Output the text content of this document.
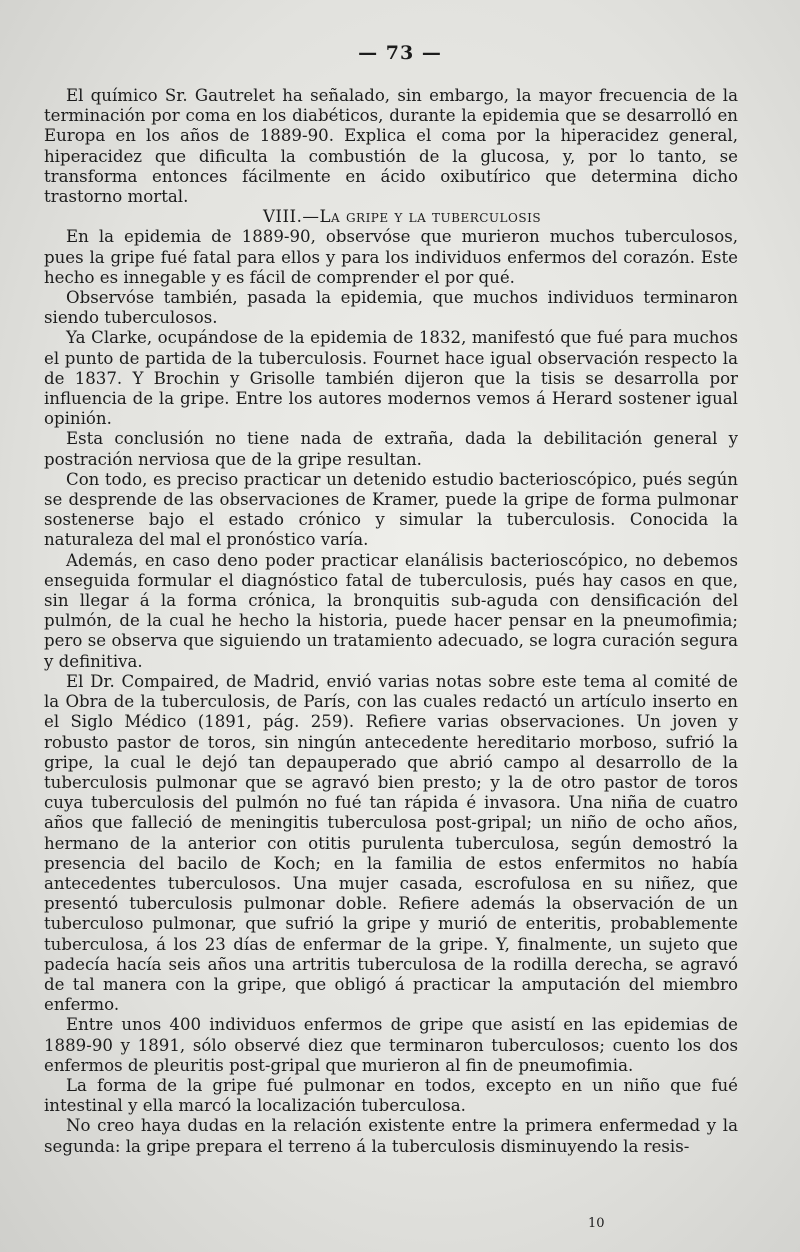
— 73 —

El químico Sr. Gautrelet ha señalado, sin embargo, la mayor frecuencia de la terminación por coma en los diabéticos, durante la epidemia que se desarrolló en Europa en los años de 1889-90. Explica el coma por la hiperacidez general, hiperacidez que dificulta la combustión de la glucosa, y, por lo tanto, se transforma entonces fácilmente en ácido oxibutírico que determina dicho trastorno mortal.

VIII.—La gripe y la tuberculosis

En la epidemia de 1889-90, observóse que murieron muchos tuberculosos, pues la gripe fué fatal para ellos y para los individuos enfermos del corazón. Este hecho es innegable y es fácil de comprender el por qué.

Observóse también, pasada la epidemia, que muchos individuos terminaron siendo tuberculosos.

Ya Clarke, ocupándose de la epidemia de 1832, manifestó que fué para muchos el punto de partida de la tuberculosis. Fournet hace igual observación respecto la de 1837. Y Brochin y Grisolle también dijeron que la tisis se desarrolla por influencia de la gripe. Entre los autores modernos vemos á Herard sostener igual opinión.

Esta conclusión no tiene nada de extraña, dada la debilitación general y postración nerviosa que de la gripe resultan.

Con todo, es preciso practicar un detenido estudio bacterioscópico, pués según se desprende de las observaciones de Kramer, puede la gripe de forma pulmonar sostenerse bajo el estado crónico y simular la tuberculosis. Conocida la naturaleza del mal el pronóstico varía.

Además, en caso deno poder practicar elanálisis bacterioscópico, no debemos enseguida formular el diagnóstico fatal de tuberculosis, pués hay casos en que, sin llegar á la forma crónica, la bronquitis sub-aguda con densificación del pulmón, de la cual he hecho la historia, puede hacer pensar en la pneumofimia; pero se observa que siguiendo un tratamiento adecuado, se logra curación segura y definitiva.

El Dr. Compaired, de Madrid, envió varias notas sobre este tema al comité de la Obra de la tuberculosis, de París, con las cuales redactó un artículo inserto en el Siglo Médico (1891, pág. 259). Refiere varias observaciones. Un joven y robusto pastor de toros, sin ningún antecedente hereditario morboso, sufrió la gripe, la cual le dejó tan depauperado que abrió campo al desarrollo de la tuberculosis pulmonar que se agravó bien presto; y la de otro pastor de toros cuya tuberculosis del pulmón no fué tan rápida é invasora. Una niña de cuatro años que falleció de meningitis tuberculosa post-gripal; un niño de ocho años, hermano de la anterior con otitis purulenta tuberculosa, según demostró la presencia del bacilo de Koch; en la familia de estos enfermitos no había antecedentes tuberculosos. Una mujer casada, escrofulosa en su niñez, que presentó tuberculosis pulmonar doble. Refiere además la observación de un tuberculoso pulmonar, que sufrió la gripe y murió de enteritis, probablemente tuberculosa, á los 23 días de enfermar de la gripe. Y, finalmente, un sujeto que padecía hacía seis años una artritis tuberculosa de la rodilla derecha, se agravó de tal manera con la gripe, que obligó á practicar la amputación del miembro enfermo.

Entre unos 400 individuos enfermos de gripe que asistí en las epidemias de 1889-90 y 1891, sólo observé diez que terminaron tuberculosos; cuento los dos enfermos de pleuritis post-gripal que murieron al fin de pneumofimia.

La forma de la gripe fué pulmonar en todos, excepto en un niño que fué intestinal y ella marcó la localización tuberculosa.

No creo haya dudas en la relación existente entre la primera enfermedad y la segunda: la gripe prepara el terreno á la tuberculosis disminuyendo la resis-

10
